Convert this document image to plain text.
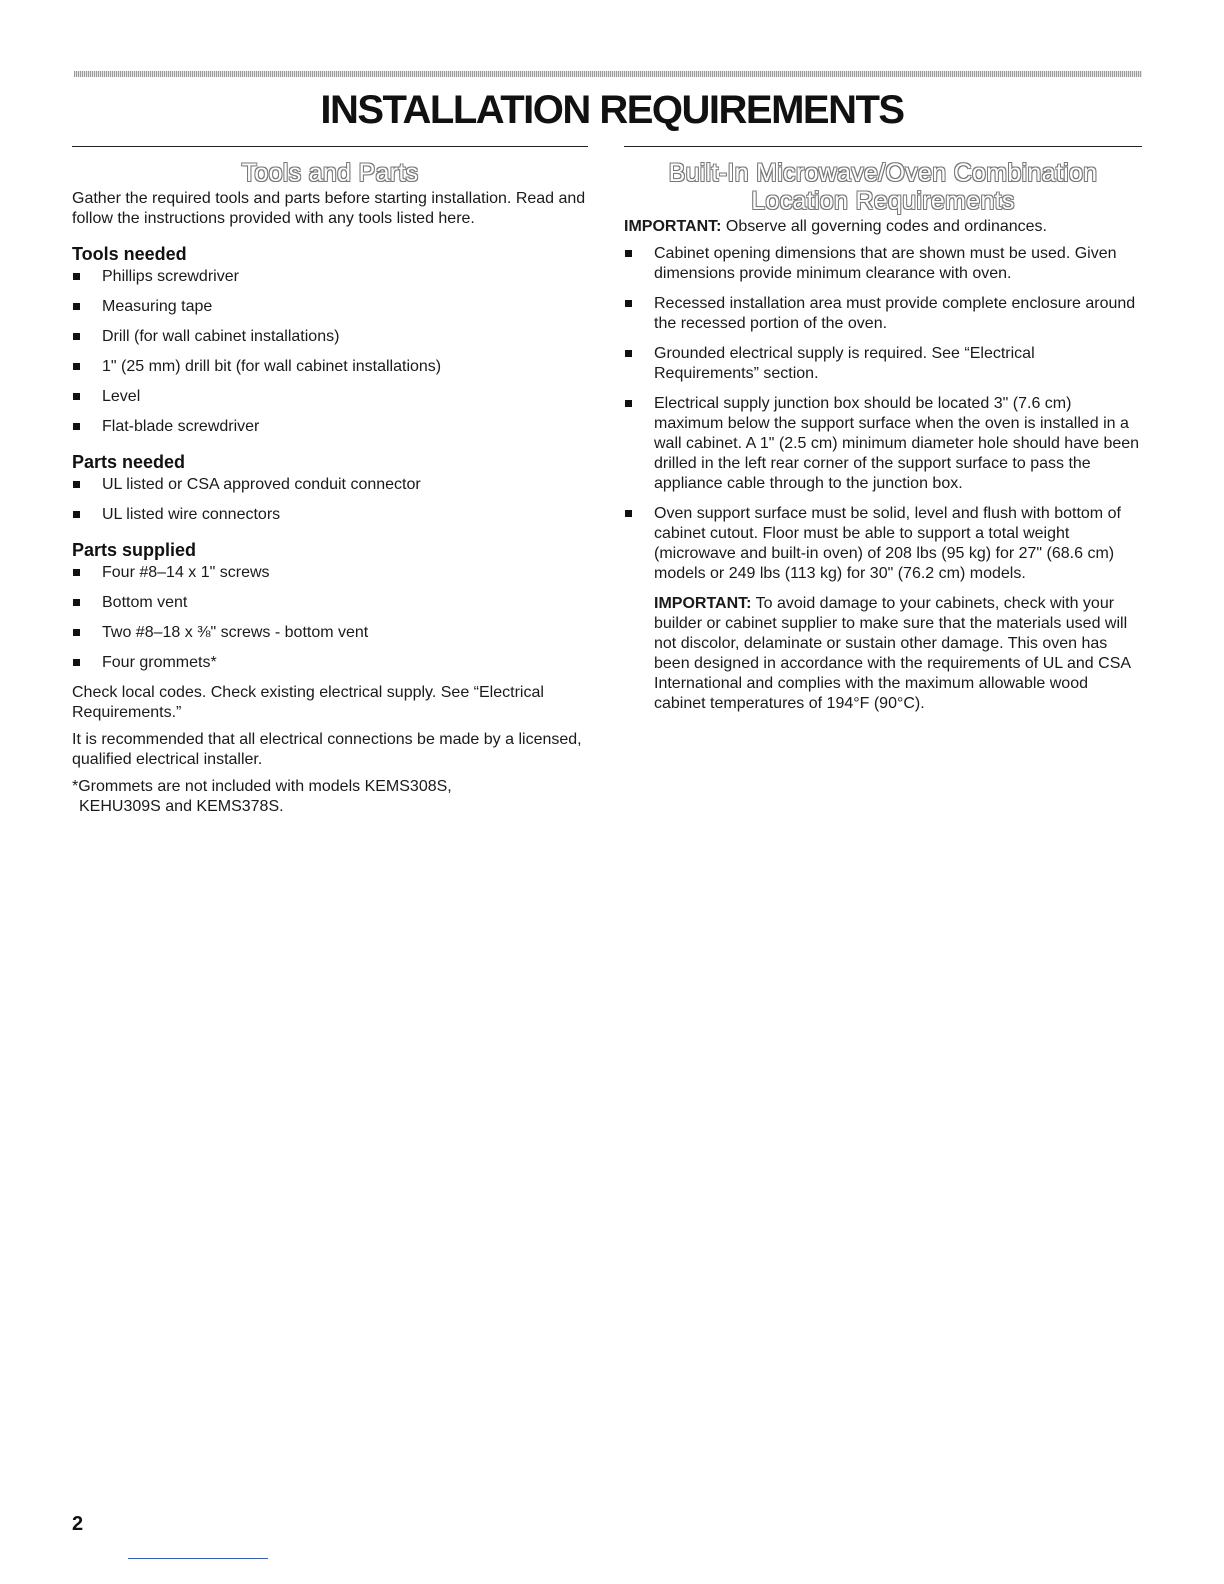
INSTALLATION REQUIREMENTS
Tools and Parts

Gather the required tools and parts before starting installation. Read and follow the instructions provided with any tools listed here.

Tools needed
Phillips screwdriver
Measuring tape
Drill (for wall cabinet installations)
1" (25 mm) drill bit (for wall cabinet installations)
Level
Flat-blade screwdriver
Parts needed
UL listed or CSA approved conduit connector
UL listed wire connectors
Parts supplied
Four #8–14 x 1" screws
Bottom vent
Two #8–18 x ⅜" screws - bottom vent
Four grommets*

Check local codes. Check existing electrical supply. See “Electrical Requirements.”

It is recommended that all electrical connections be made by a licensed, qualified electrical installer.

*Grommets are not included with models KEMS308S,
KEHU309S and KEMS378S.

Built-In Microwave/Oven Combination
Location Requirements

IMPORTANT: Observe all governing codes and ordinances.

Cabinet opening dimensions that are shown must be used. Given dimensions provide minimum clearance with oven.
Recessed installation area must provide complete enclosure around the recessed portion of the oven.
Grounded electrical supply is required. See “Electrical Requirements” section.
Electrical supply junction box should be located 3" (7.6 cm) maximum below the support surface when the oven is installed in a wall cabinet. A 1" (2.5 cm) minimum diameter hole should have been drilled in the left rear corner of the support surface to pass the appliance cable through to the junction box.
Oven support surface must be solid, level and flush with bottom of cabinet cutout. Floor must be able to support a total weight (microwave and built-in oven) of 208 lbs (95 kg) for 27" (68.6 cm) models or 249 lbs (113 kg) for 30" (76.2 cm) models.

IMPORTANT: To avoid damage to your cabinets, check with your builder or cabinet supplier to make sure that the materials used will not discolor, delaminate or sustain other damage. This oven has been designed in accordance with the requirements of UL and CSA International and complies with the maximum allowable wood cabinet temperatures of 194°F (90°C).

2
